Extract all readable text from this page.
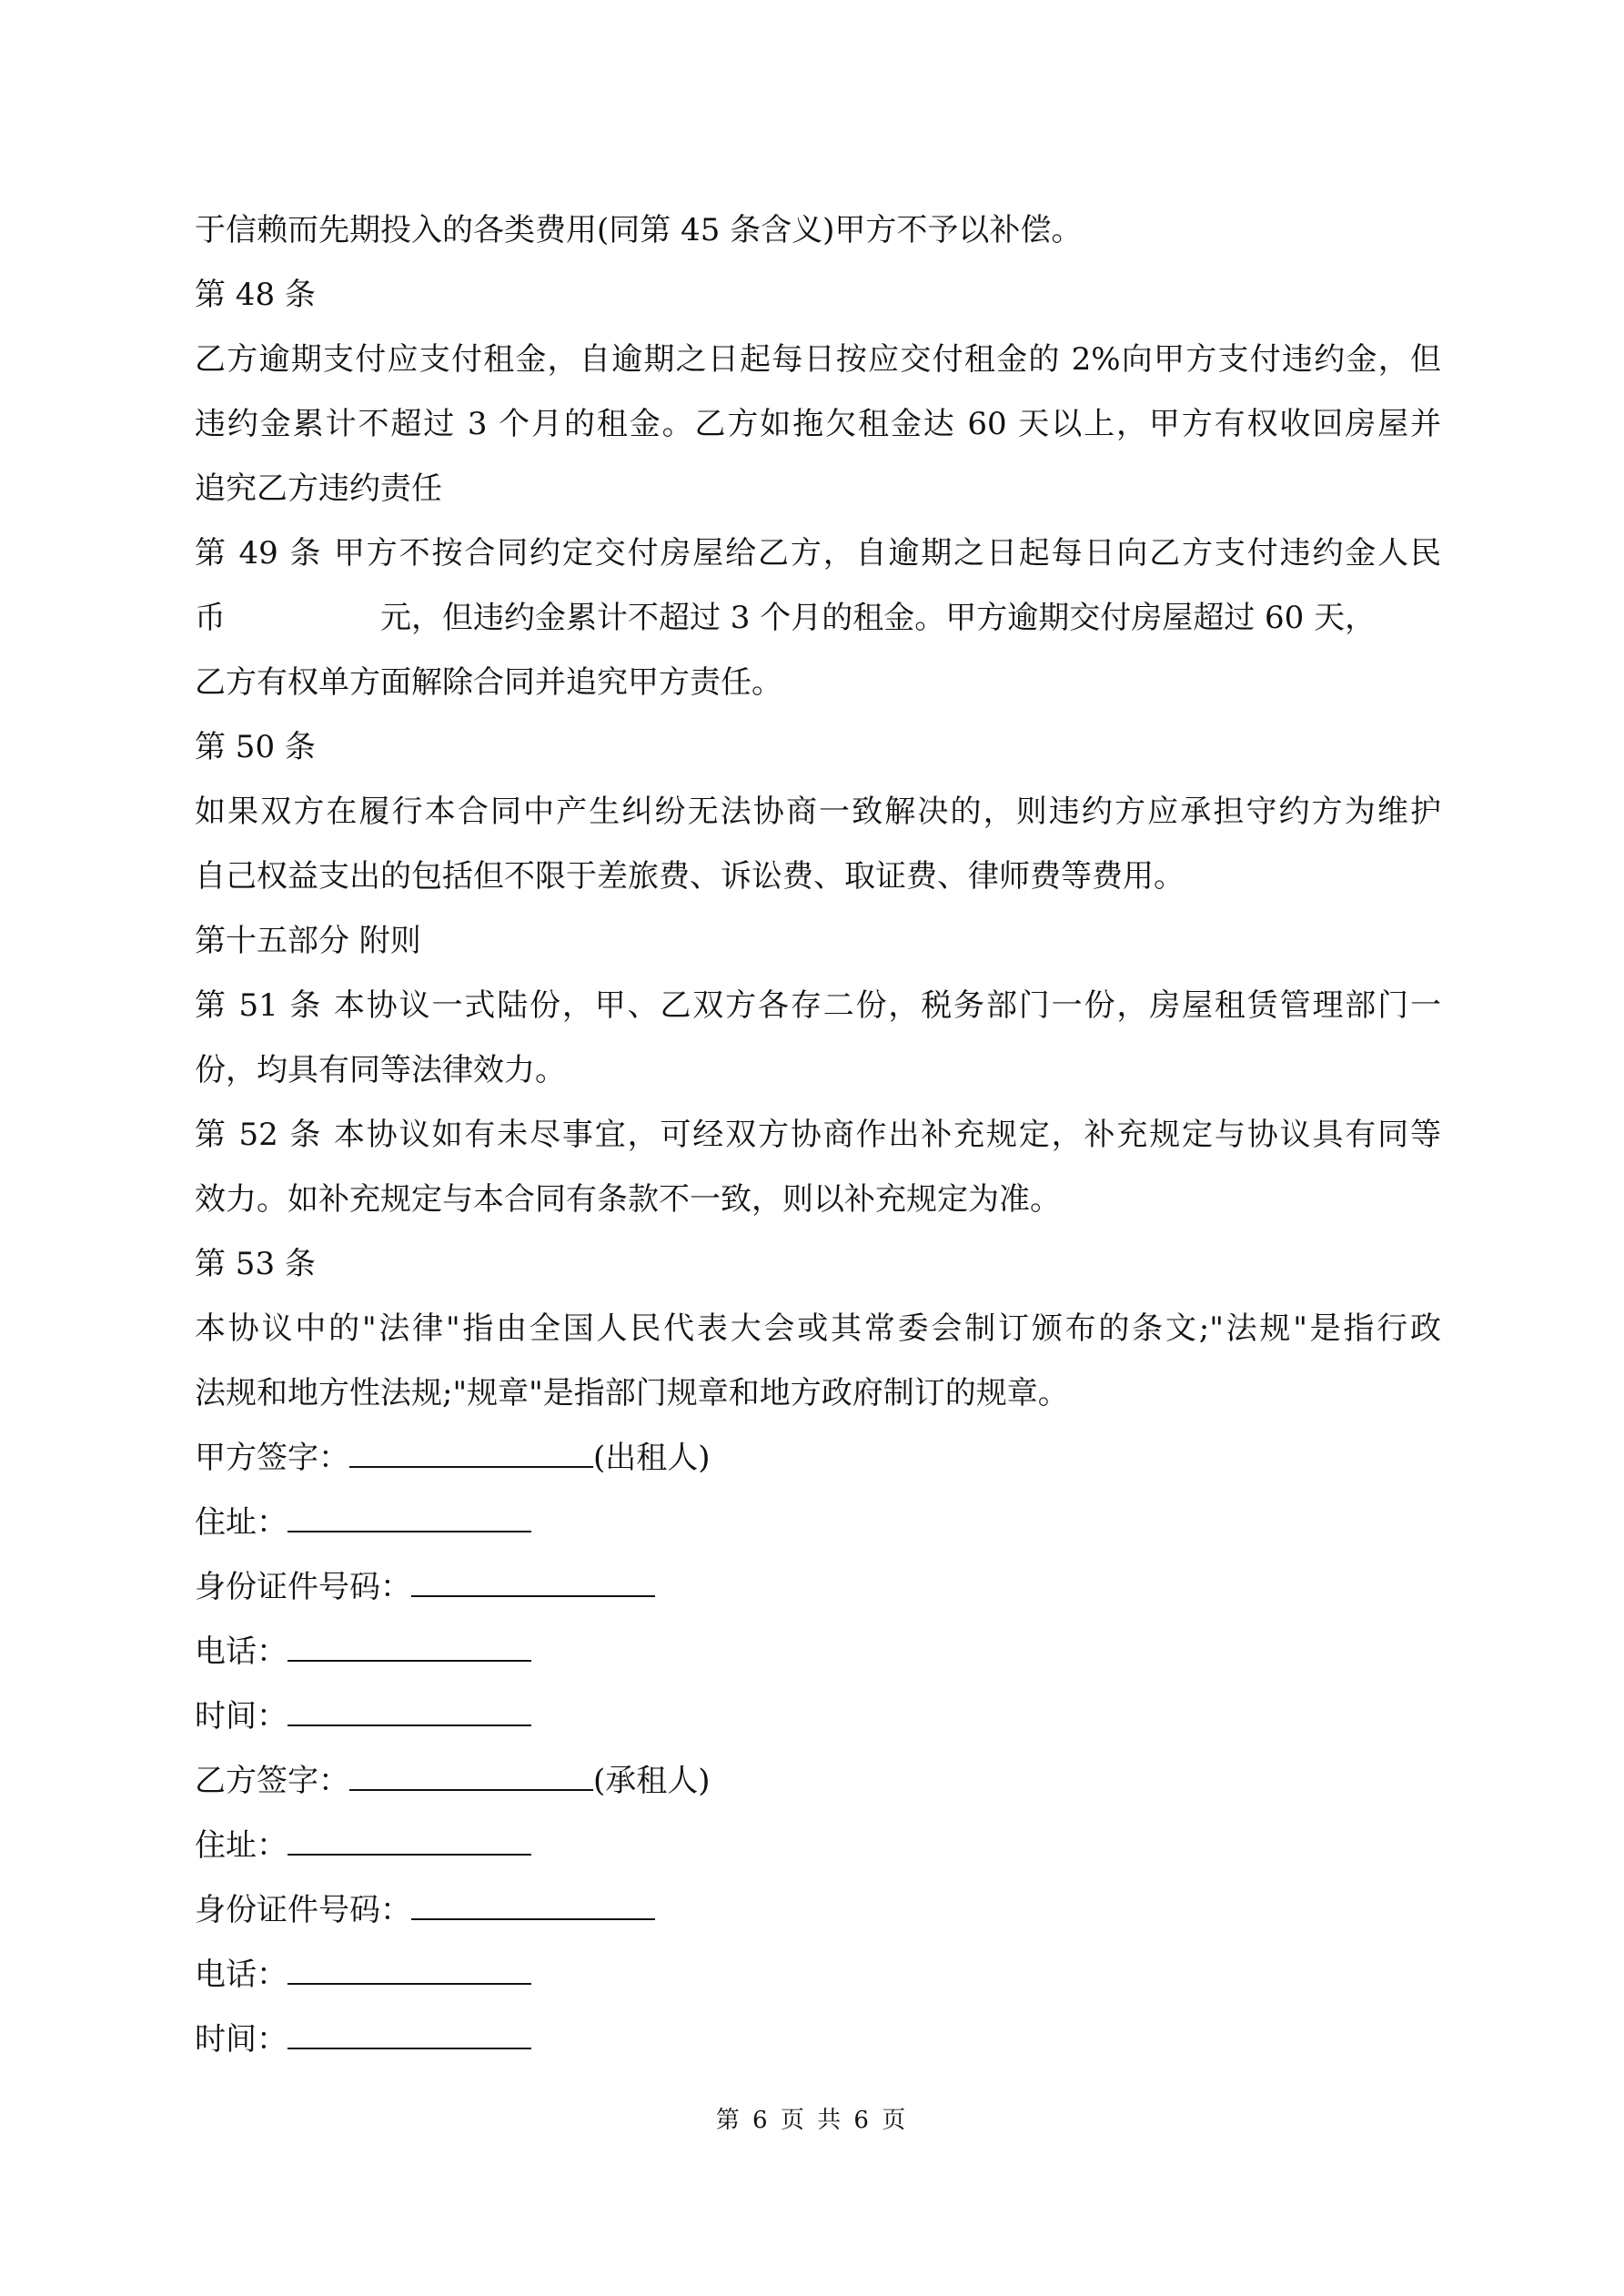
于信赖而先期投入的各类费用(同第 45 条含义)甲方不予以补偿。
第 48 条
乙方逾期支付应支付租金，自逾期之日起每日按应交付租金的 2%向甲方支付违约金，但
违约金累计不超过 3 个月的租金。乙方如拖欠租金达 60 天以上，甲方有权收回房屋并
追究乙方违约责任
第 49 条 甲方不按合同约定交付房屋给乙方，自逾期之日起每日向乙方支付违约金人民
币	元，但违约金累计不超过 3 个月的租金。甲方逾期交付房屋超过 60 天，
乙方有权单方面解除合同并追究甲方责任。
第 50 条
如果双方在履行本合同中产生纠纷无法协商一致解决的，则违约方应承担守约方为维护
自己权益支出的包括但不限于差旅费、诉讼费、取证费、律师费等费用。
第十五部分 附则
第 51 条 本协议一式陆份，甲、乙双方各存二份，税务部门一份，房屋租赁管理部门一
份，均具有同等法律效力。
第 52 条 本协议如有未尽事宜，可经双方协商作出补充规定，补充规定与协议具有同等
效力。如补充规定与本合同有条款不一致，则以补充规定为准。
第 53 条
本协议中的"法律"指由全国人民代表大会或其常委会制订颁布的条文;"法规"是指行政
法规和地方性法规;"规章"是指部门规章和地方政府制订的规章。
甲方签字：	(出租人)
住址：
身份证件号码：
电话：
时间：
乙方签字：	(承租人)
住址：
身份证件号码：
电话：
时间：
第 6 页 共 6 页
